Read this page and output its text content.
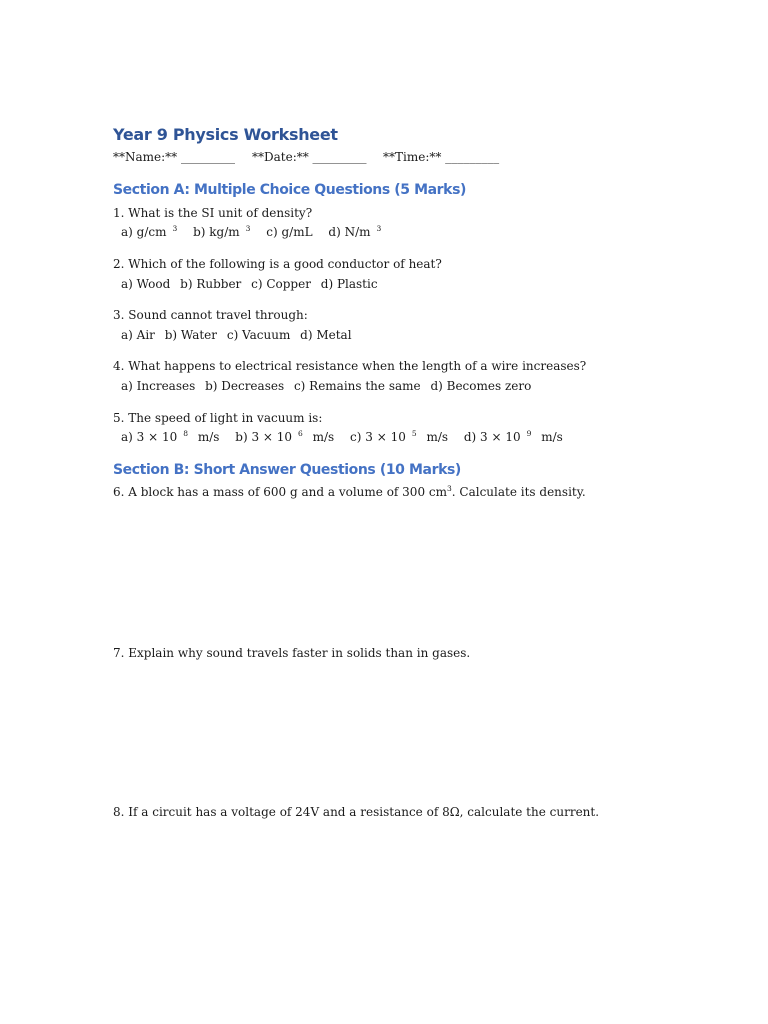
Year 9 Physics Worksheet
**Name:** _________ **Date:** _________ **Time:** _________
Section A: Multiple Choice Questions (5 Marks)
1. What is the SI unit of density?
a) g/cm $^3$ b) kg/m $^3$ c) g/mL d) N/m $^3$
2. Which of the following is a good conductor of heat?
a) Wood b) Rubber c) Copper d) Plastic
3. Sound cannot travel through:
a) Air b) Water c) Vacuum d) Metal
4. What happens to electrical resistance when the length of a wire increases?
a) Increases b) Decreases c) Remains the same d) Becomes zero
5. The speed of light in vacuum is:
a) 3 × 10 $^8$ m/s b) 3 × 10 $^6$ m/s c) 3 × 10 $^5$ m/s d) 3 × 10 $^9$ m/s
Section B: Short Answer Questions (10 Marks)
6. A block has a mass of 600 g and a volume of 300 $cm^3$. Calculate its density.
7. Explain why sound travels faster in solids than in gases.
8. If a circuit has a voltage of 24V and a resistance of 8Ω, calculate the current.
